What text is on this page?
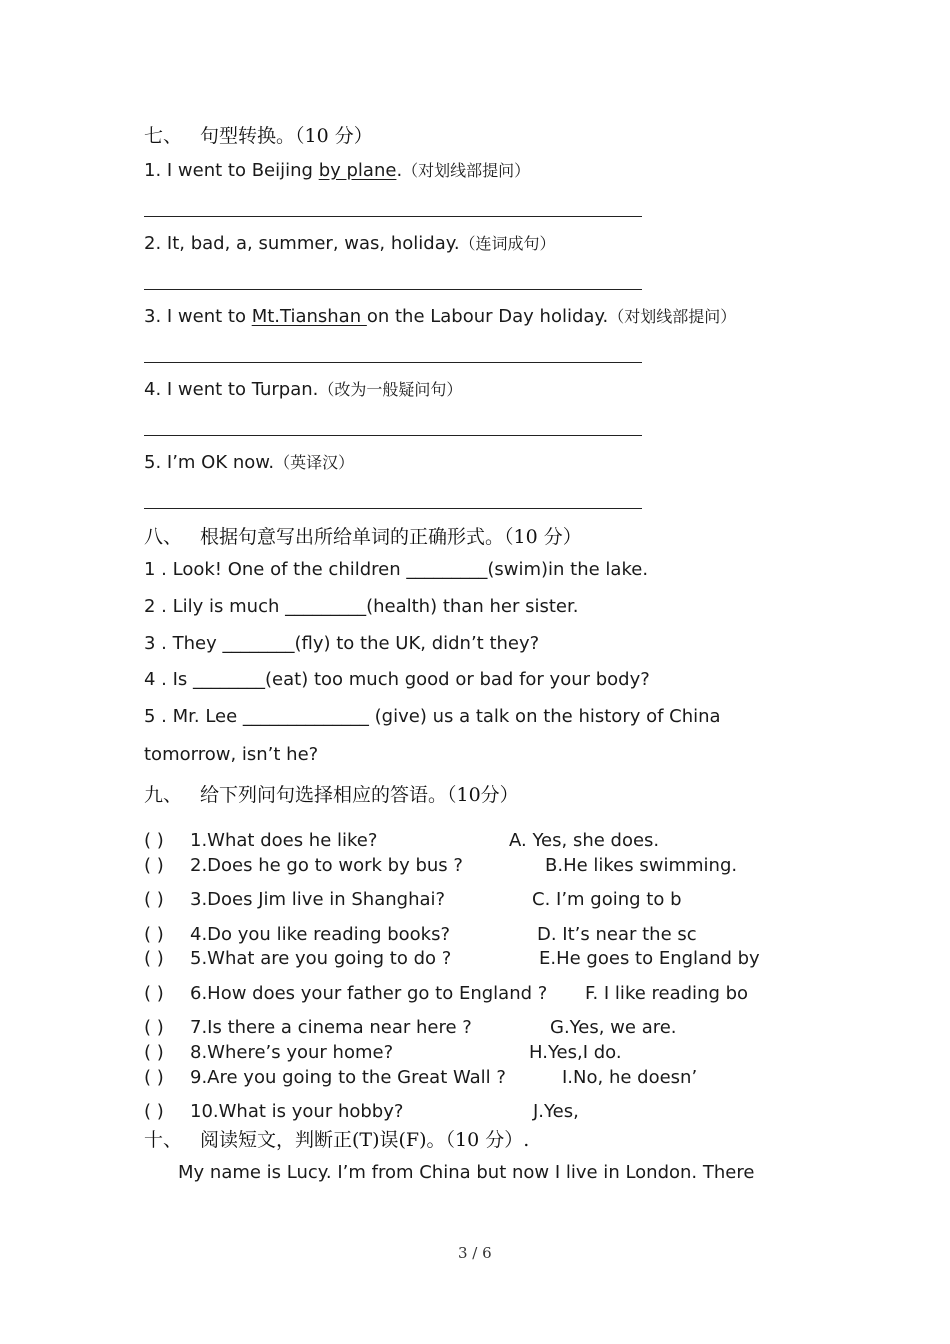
七、 句型转换。（10 分）
1. I went to Beijing by plane.（对划线部提问）
2. It, bad, a, summer, was, holiday.（连词成句）
3. I went to Mt.Tianshan on the Labour Day holiday.（对划线部提问）
4. I went to Turpan.（改为一般疑问句）
5. I’m OK now.（英译汉）
八、 根据句意写出所给单词的正确形式。（10 分）
1 . Look! One of the children _________(swim)in the lake.
2 . Lily is much _________(health) than her sister.
3 . They ________(fly) to the UK, didn’t they?
4 . Is ________(eat) too much good or bad for your body?
5 . Mr. Lee ______________ (give) us a talk on the history of China
tomorrow, isn’t he?
九、 给下列问句选择相应的答语。（10分）
( ) 1.What does he like?	A. Yes, she does.
( ) 2.Does he go to work by bus ?	B.He likes swimming.
( ) 3.Does Jim live in Shanghai?	C. I’m going to b
( ) 4.Do you like reading books?	D. It’s near the sc
( ) 5.What are you going to do ?	E.He goes to England by
( ) 6.How does your father go to England ? F. I like reading bo
( ) 7.Is there a cinema near here ?	G.Yes, we are.
( ) 8.Where’s your home?	H.Yes,I do.
( ) 9.Are you going to the Great Wall ?	I.No, he doesn’
( ) 10.What is your hobby?	J.Yes,
十、 阅读短文，判断正(T)误(F)。（10 分）.
My name is Lucy. I’m from China but now I live in London. There
3 / 6
